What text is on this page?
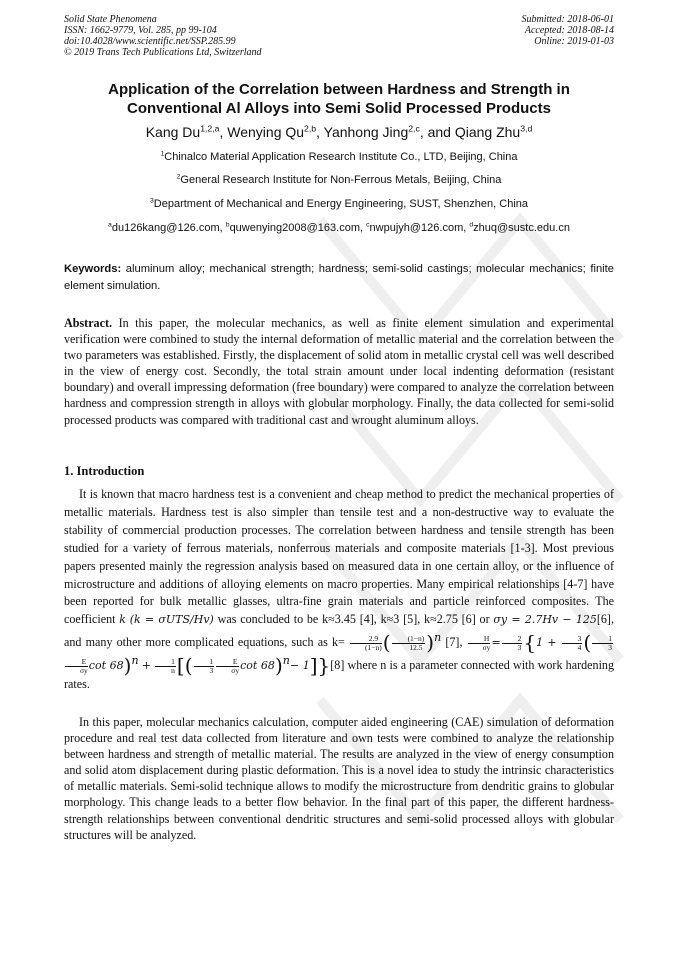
Solid State Phenomena
ISSN: 1662-9779, Vol. 285, pp 99-104
doi:10.4028/www.scientific.net/SSP.285.99
© 2019 Trans Tech Publications Ltd, Switzerland
Submitted: 2018-06-01
Accepted: 2018-08-14
Online: 2019-01-03
Application of the Correlation between Hardness and Strength in
Conventional Al Alloys into Semi Solid Processed Products
Kang Du$^{1,2,a}$, Wenying Qu$^{2,b}$, Yanhong Jing$^{2,c}$, and Qiang Zhu$^{3,d}$
$^1$Chinalco Material Application Research Institute Co., LTD, Beijing, China
$^2$General Research Institute for Non-Ferrous Metals, Beijing, China
$^3$Department of Mechanical and Energy Engineering, SUST, Shenzhen, China
$^a$du126kang@126.com, $^b$quwenying2008@163.com, $^c$nwpujyh@126.com, $^d$zhuq@sustc.edu.cn
Keywords: aluminum alloy; mechanical strength; hardness; semi-solid castings; molecular mechanics; finite element simulation.
Abstract. In this paper, the molecular mechanics, as well as finite element simulation and experimental verification were combined to study the internal deformation of metallic material and the correlation between the two parameters was established. Firstly, the displacement of solid atom in metallic crystal cell was well described in the view of energy cost. Secondly, the total strain amount under local indenting deformation (resistant boundary) and overall impressing deformation (free boundary) were compared to analyze the correlation between hardness and compression strength in alloys with globular morphology. Finally, the data collected for semi-solid processed products was compared with traditional cast and wrought aluminum alloys.
1. Introduction

It is known that macro hardness test is a convenient and cheap method to predict the mechanical properties of metallic materials. Hardness test is also simpler than tensile test and a non-destructive way to evaluate the stability of commercial production processes. The correlation between hardness and tensile strength has been studied for a variety of ferrous materials, nonferrous materials and composite materials [1-3]. Most previous papers presented mainly the regression analysis based on measured data in one certain alloy, or the influence of microstructure and additions of alloying elements on macro properties. Many empirical relationships [4-7] have been reported for bulk metallic glasses, ultra-fine grain materials and particle reinforced composites. The coefficient k (k = σUTS/Hv) was concluded to be k≈3.45 [4], k≈3 [5], k≈2.75 [6] or σy = 2.7Hv − 125[6], and many other more complicated equations, such as $k= \frac{2.9}{(1-n)}$ ( $\frac{(1-n)}{12.5} )^n$ [7], $\frac{H}{\sigma y} = \frac{2}{3} \{1 + \frac{3}{4}$ ( $\frac{1}{3}$
$\frac{E}{\sigma y}$ $\cot 68)^n + \frac{1}{n}$ [( $\frac{1}{3} \frac{E}{\sigma y}$ cot 68)$^n$− 1]}[8] where n is a parameter connected with work hardening rates.

In this paper, molecular mechanics calculation, computer aided engineering (CAE) simulation of deformation procedure and real test data collected from literature and own tests were combined to analyze the relationship between hardness and strength of metallic material. The results are analyzed in the view of energy consumption and solid atom displacement during plastic deformation. This is a novel idea to study the intrinsic characteristics of metallic materials. Semi-solid technique allows to modify the microstructure from dendritic grains to globular morphology. This change leads to a better flow behavior. In the final part of this paper, the different hardness-strength relationships between conventional dendritic structures and semi-solid processed alloys with globular structures will be analyzed.
